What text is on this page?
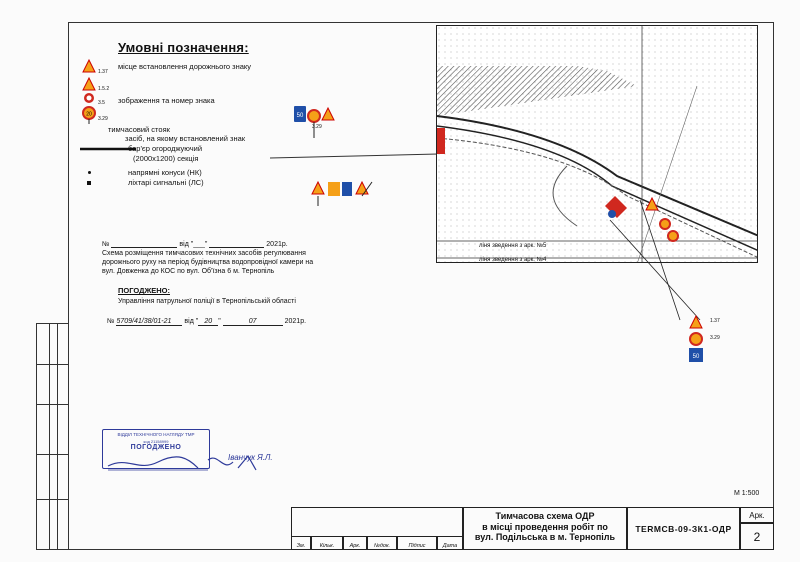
Умовні позначення:
20
1.37
1.5.2
3.5
3.29
місце встановлення дорожнього знаку
зображення та номер знака
тимчасовий стояк
засіб, на якому встановлений знак
бар'єр огороджуючий
(2000х1200) секція
напрямні конуси (НК)
ліхтарі сигнальні (ЛС)
50
3.29
№	від "___"	2021р.
Схема розміщення тимчасових технічних засобів регулювання
дорожнього руху на період будівництва водопровідної камери на
вул. Довженка до КОС по вул. Об'їзна 6 м. Тернопіль
ПОГОДЖЕНО:
Управління патрульної поліції в Тернопільській області
№ 5709/41/38/01-21 від " 20 "	07	2021р.
ВІДДІЛ ТЕХНІЧНОГО НАГЛЯДУ ТМР
код 21158999
ПОГОДЖЕНО
Іванчук Я.Л.
ліня зведення з арк. №5
ліня зведення з арк. №4
50
1.37
3.29
Зм.	Кільк.	Арк.	№док.	Підпис	Дата
Тимчасова схема ОДР
в місці проведення робіт по
вул. Подільська в м. Тернопіль
ТЕRМСВ-09-ЗК1-ОДР
Арк.
2
М 1:500
